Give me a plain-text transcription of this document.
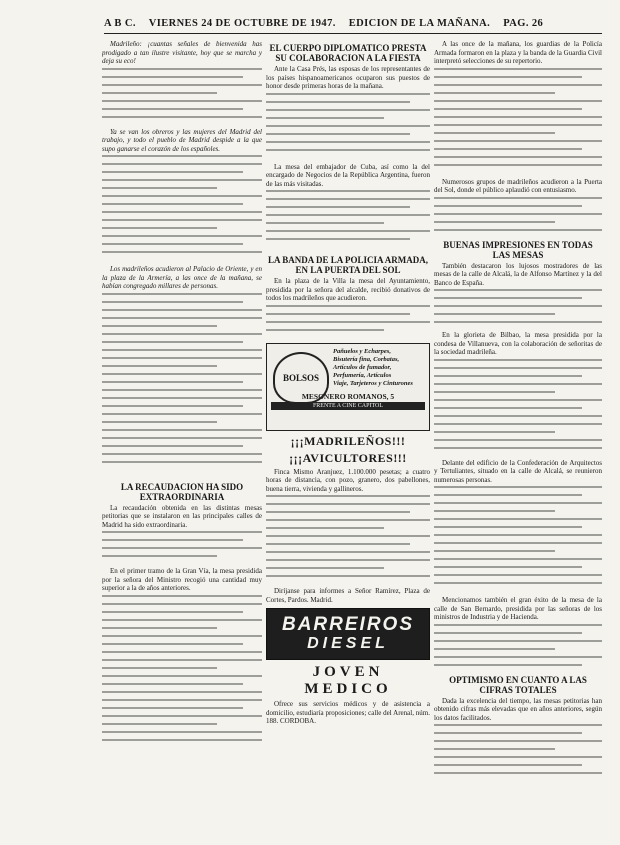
A B C. VIERNES 24 DE OCTUBRE DE 1947. EDICION DE LA MAÑANA. PAG. 26

Madrileño: ¡cuantas señales de bienvenida has prodigado a tan ilustre visitante, hoy que se marcha y deja su eco!

Ya se van los obreros y las mujeres del Madrid del trabajo, y todo el pueblo de Madrid despide a la que supo ganarse el corazón de los españoles.

Los madrileños acudieron al Palacio de Oriente, y en la plaza de la Armería, a las once de la mañana, se habían congregado millares de personas.

LA RECAUDACION HA SIDO EXTRAORDINARIA

La recaudación obtenida en las distintas mesas petitorias que se instalaron en las principales calles de Madrid ha sido extraordinaria.

En el primer tramo de la Gran Vía, la mesa presidida por la señora del Ministro recogió una cantidad muy superior a la de años anteriores.

EL CUERPO DIPLOMATICO PRESTA SU COLABORACION A LA FIESTA

Ante la Casa Prés, las esposas de los representantes de los países hispanoamericanos ocuparon sus puestos de honor desde primeras horas de la mañana.

La mesa del embajador de Cuba, así como la del encargado de Negocios de la República Argentina, fueron de las más visitadas.

LA BANDA DE LA POLICIA ARMADA, EN LA PUERTA DEL SOL

En la plaza de la Villa la mesa del Ayuntamiento, presidida por la señora del alcalde, recibió donativos de todos los madrileños que acudieron.

BOLSOS
Pañuelos y Echarpes,
Bisutería fina, Corbatas,
Artículos de fumador,
Perfumería, Artículos
Viaje, Tarjeteros y Cinturones
MESONERO ROMANOS, 5
FRENTE A CINE CAPITOL
¡¡¡MADRILEÑOS!!!
¡¡¡AVICULTORES!!!

Finca Mismo Aranjuez, 1.100.000 pesetas; a cuatro horas de distancia, con pozo, granero, dos pabellones, buena tierra, vivienda y gallineros.

Diríjanse para informes a Señor Ramírez, Plaza de Cortes, Pardos. Madrid.

BARREIROS
DIESEL
JOVEN MEDICO

Ofrece sus servicios médicos y de asistencia a domicilio, estudiaría proposiciones; calle del Arenal, núm. 188. CORDOBA.

A las once de la mañana, los guardias de la Policía Armada formaron en la plaza y la banda de la Guardia Civil interpretó selecciones de su repertorio.

Numerosos grupos de madrileños acudieron a la Puerta del Sol, donde el público aplaudió con entusiasmo.

BUENAS IMPRESIONES EN TODAS LAS MESAS

También destacaron los lujosos mostradores de las mesas de la calle de Alcalá, la de Alfonso Martínez y la del Banco de España.

En la glorieta de Bilbao, la mesa presidida por la condesa de Villanueva, con la colaboración de señoritas de la sociedad madrileña.

Delante del edificio de la Confederación de Arquitectos y Tertuliantes, situado en la calle de Alcalá, se reunieron numerosas personas.

Mencionamos también el gran éxito de la mesa de la calle de San Bernardo, presidida por las señoras de los ministros de Industria y de Hacienda.

OPTIMISMO EN CUANTO A LAS CIFRAS TOTALES

Dada la excelencia del tiempo, las mesas petitorias han obtenido cifras más elevadas que en años anteriores, según los datos facilitados.
